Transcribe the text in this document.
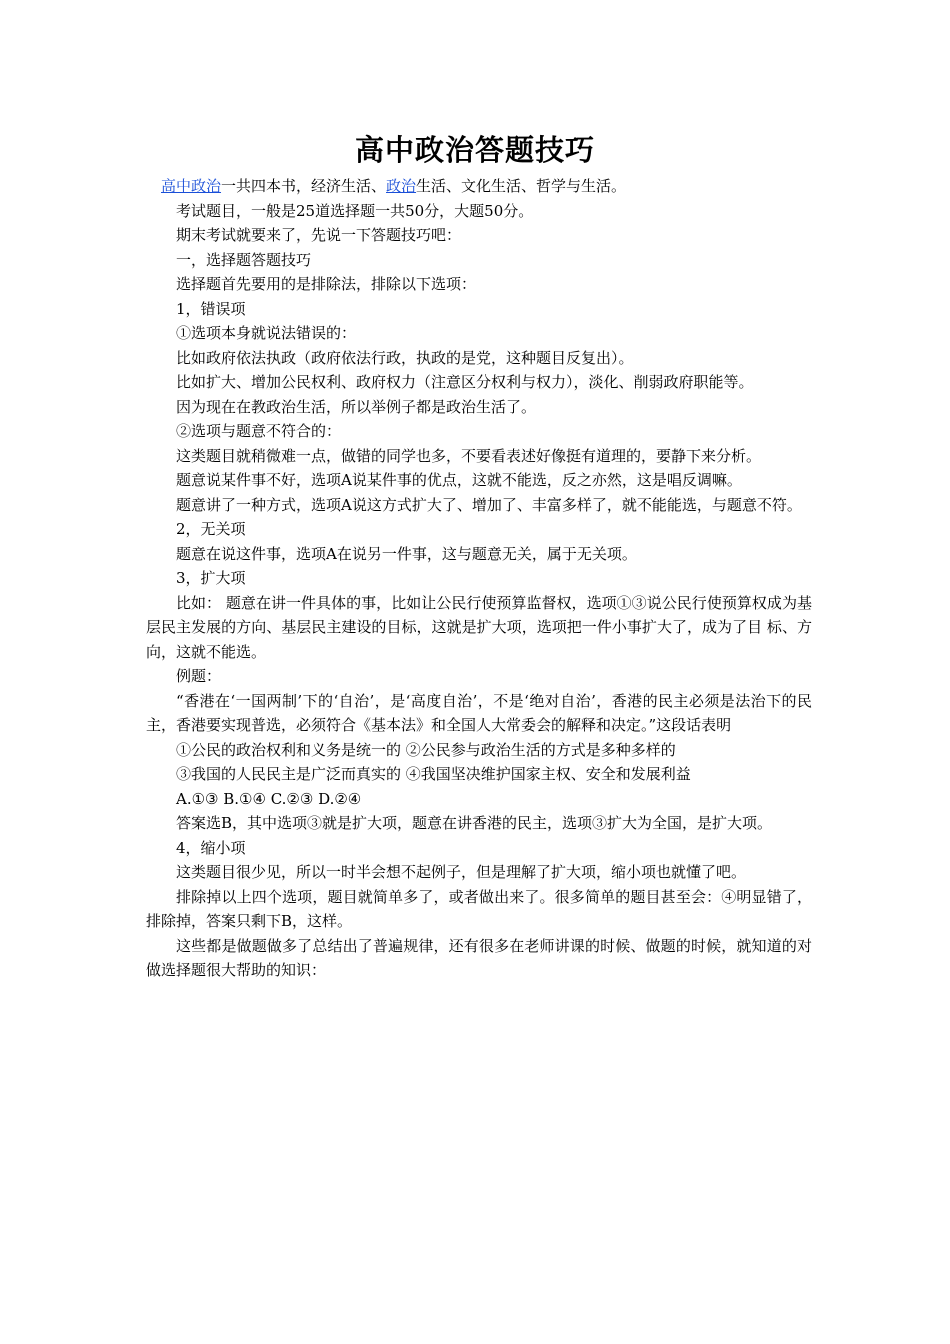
高中政治答题技巧

高中政治一共四本书，经济生活、政治生活、文化生活、哲学与生活。

考试题目，一般是25道选择题一共50分，大题50分。

期末考试就要来了，先说一下答题技巧吧：

一，选择题答题技巧

选择题首先要用的是排除法，排除以下选项：

1，错误项

①选项本身就说法错误的：

比如政府依法执政（政府依法行政，执政的是党，这种题目反复出）。

比如扩大、增加公民权利、政府权力（注意区分权利与权力），淡化、削弱政府职能等。

因为现在在教政治生活，所以举例子都是政治生活了。

②选项与题意不符合的：

这类题目就稍微难一点，做错的同学也多，不要看表述好像挺有道理的，要静下来分析。

题意说某件事不好，选项A说某件事的优点，这就不能选，反之亦然，这是唱反调嘛。

题意讲了一种方式，选项A说这方式扩大了、增加了、丰富多样了，就不能能选，与题意不符。

2，无关项

题意在说这件事，选项A在说另一件事，这与题意无关，属于无关项。

3，扩大项

比如： 题意在讲一件具体的事，比如让公民行使预算监督权，选项①③说公民行使预算权成为基 层民主发展的方向、基层民主建设的目标，这就是扩大项，选项把一件小事扩大了，成为了目 标、方向，这就不能选。

例题：

“香港在‘一国两制’下的‘自治’，是‘高度自治’，不是‘绝对自治’，香港的民主必须是法治下的民主，香港要实现普选，必须符合《基本法》和全国人大常委会的解释和决定。”这段话表明

①公民的政治权利和义务是统一的 ②公民参与政治生活的方式是多种多样的

③我国的人民民主是广泛而真实的 ④我国坚决维护国家主权、安全和发展利益

A.①③ B.①④ C.②③ D.②④

答案选B，其中选项③就是扩大项，题意在讲香港的民主，选项③扩大为全国，是扩大项。

4，缩小项

这类题目很少见，所以一时半会想不起例子，但是理解了扩大项，缩小项也就懂了吧。

排除掉以上四个选项，题目就简单多了，或者做出来了。很多简单的题目甚至会：④明显错了，排除掉，答案只剩下B，这样。

这些都是做题做多了总结出了普遍规律，还有很多在老师讲课的时候、做题的时候，就知道的对做选择题很大帮助的知识：
